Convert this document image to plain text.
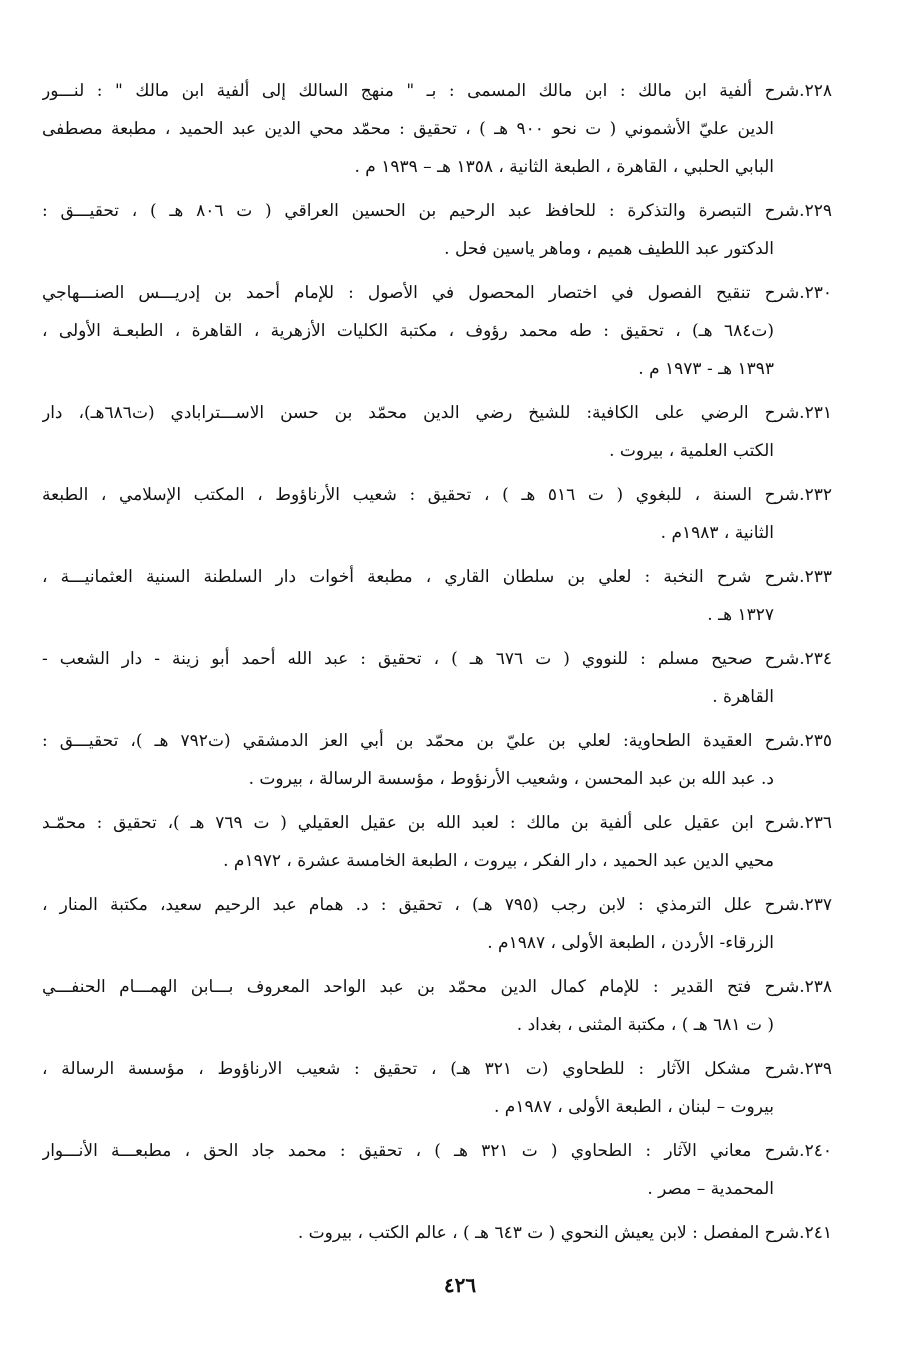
٢٢٨.شرح ألفية ابن مالك : ابن مالك المسمى : بـ " منهج السالك إلى ألفية ابن مالك " : لنـــور
الدين عليّ الأشموني ( ت نحو ٩٠٠ هـ ) ، تحقيق : محمّد محي الدين عبد الحميد ، مطبعة مصطفى
البابي الحلبي ، القاهرة ، الطبعة الثانية ، ١٣٥٨ هـ – ١٩٣٩ م .
٢٢٩.شرح التبصرة والتذكرة : للحافظ عبد الرحيم بن الحسين العراقي ( ت ٨٠٦ هـ ) ، تحقيـــق :
الدكتور عبد اللطيف هميم ، وماهر ياسين فحل .
٢٣٠.شرح تنقيح الفصول في اختصار المحصول في الأصول : للإمام أحمد بن إدريـــس الصنـــهاجي
(ت٦٨٤ هـ) ، تحقيق : طه محمد رؤوف ، مكتبة الكليات الأزهرية ، القاهرة ، الطبعـة الأولى ،
١٣٩٣ هـ - ١٩٧٣ م .
٢٣١.شرح الرضي على الكافية: للشيخ رضي الدين محمّد بن حسن الاســـترابادي (ت٦٨٦هـ)، دار
الكتب العلمية ، بيروت .
٢٣٢.شرح السنة ، للبغوي ( ت ٥١٦ هـ ) ، تحقيق : شعيب الأرناؤوط ، المكتب الإسلامي ، الطبعة
الثانية ، ١٩٨٣م .
٢٣٣.شرح شرح النخبة : لعلي بن سلطان القاري ، مطبعة أخوات دار السلطنة السنية العثمانيـــة ،
١٣٢٧ هـ .
٢٣٤.شرح صحيح مسلم : للنووي ( ت ٦٧٦ هـ ) ، تحقيق : عبد الله أحمد أبو زينة - دار الشعب -
القاهرة .
٢٣٥.شرح العقيدة الطحاوية: لعلي بن عليّ بن محمّد بن أبي العز الدمشقي (ت٧٩٢ هـ )، تحقيـــق :
د. عبد الله بن عبد المحسن ، وشعيب الأرنؤوط ، مؤسسة الرسالة ، بيروت .
٢٣٦.شرح ابن عقيل على ألفية بن مالك : لعبد الله بن عقيل العقيلي ( ت ٧٦٩ هـ )، تحقيق : محمّـد
محيي الدين عبد الحميد ، دار الفكر ، بيروت ، الطبعة الخامسة عشرة ، ١٩٧٢م .
٢٣٧.شرح علل الترمذي : لابن رجب (٧٩٥ هـ) ، تحقيق : د. همام عبد الرحيم سعيد، مكتبة المنار ،
الزرقاء- الأردن ، الطبعة الأولى ، ١٩٨٧م .
٢٣٨.شرح فتح القدير : للإمام كمال الدين محمّد بن عبد الواحد المعروف بـــابن الهمـــام الحنفـــي
( ت ٦٨١ هـ ) ، مكتبة المثنى ، بغداد .
٢٣٩.شرح مشكل الآثار : للطحاوي (ت ٣٢١ هـ) ، تحقيق : شعيب الارناؤوط ، مؤسسة الرسالة ،
بيروت – لبنان ، الطبعة الأولى ، ١٩٨٧م .
٢٤٠.شرح معاني الآثار : الطحاوي ( ت ٣٢١ هـ ) ، تحقيق : محمد جاد الحق ، مطبعـــة الأنـــوار
المحمدية – مصر .
٢٤١.شرح المفصل : لابن يعيش النحوي ( ت ٦٤٣ هـ ) ، عالم الكتب ، بيروت .
٤٢٦
